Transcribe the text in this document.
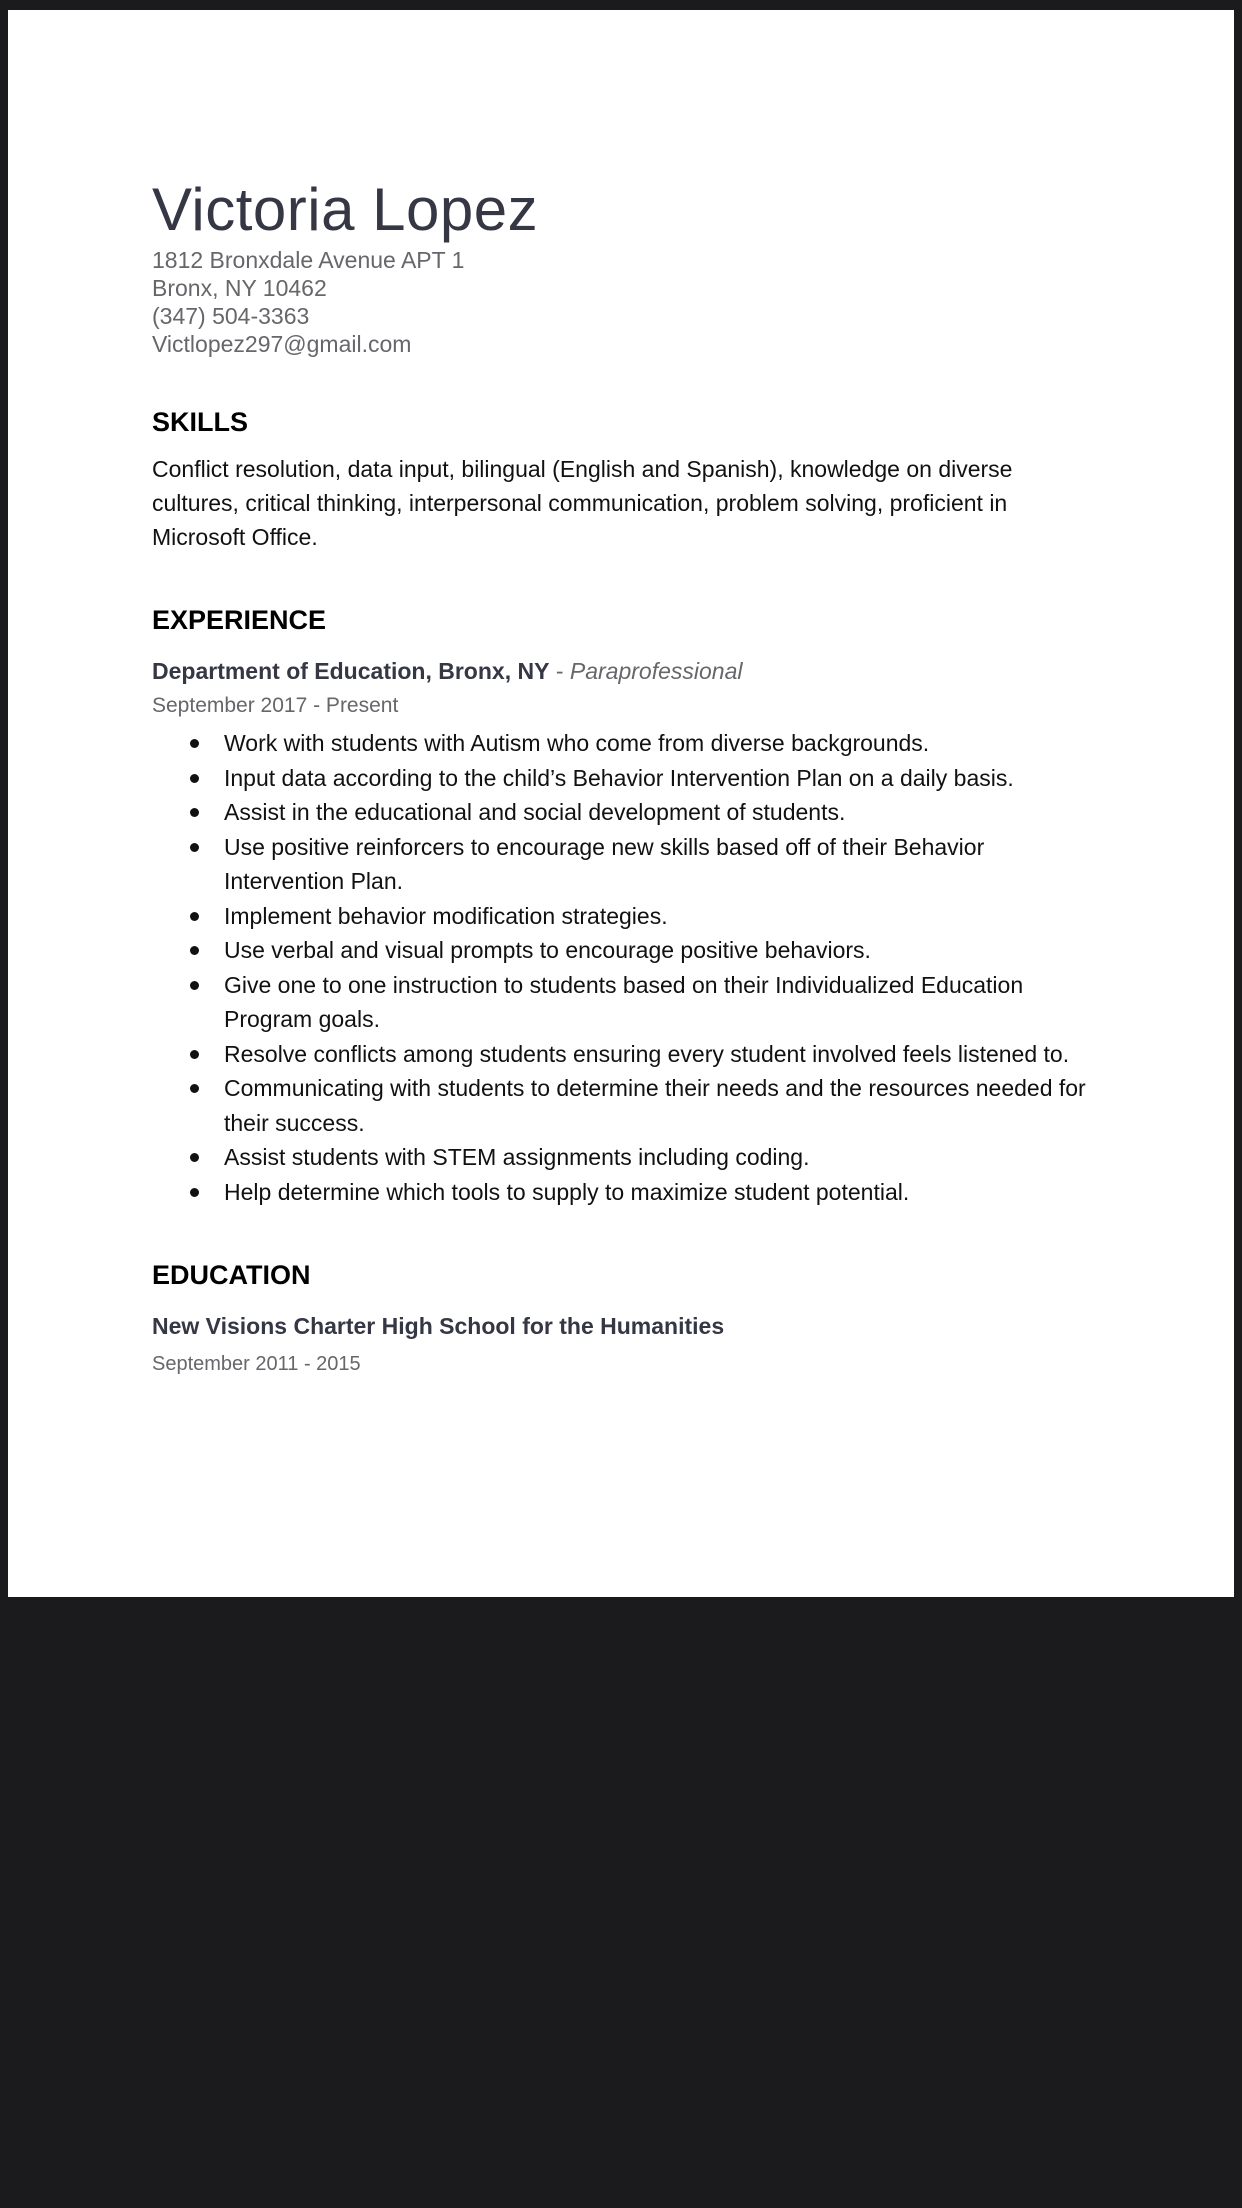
Victoria Lopez
1812 Bronxdale Avenue APT 1
Bronx, NY 10462
(347) 504-3363
Victlopez297@gmail.com
SKILLS
Conflict resolution, data input, bilingual (English and Spanish), knowledge on diverse cultures, critical thinking, interpersonal communication, problem solving, proficient in Microsoft Office.
EXPERIENCE
Department of Education, Bronx, NY - Paraprofessional
September 2017 - Present
Work with students with Autism who come from diverse backgrounds.
Input data according to the child’s Behavior Intervention Plan on a daily basis.
Assist in the educational and social development of students.
Use positive reinforcers to encourage new skills based off of their Behavior Intervention Plan.
Implement behavior modification strategies.
Use verbal and visual prompts to encourage positive behaviors.
Give one to one instruction to students based on their Individualized Education Program goals.
Resolve conflicts among students ensuring every student involved feels listened to.
Communicating with students to determine their needs and the resources needed for their success.
Assist students with STEM assignments including coding.
Help determine which tools to supply to maximize student potential.
EDUCATION
New Visions Charter High School for the Humanities
September 2011 - 2015
